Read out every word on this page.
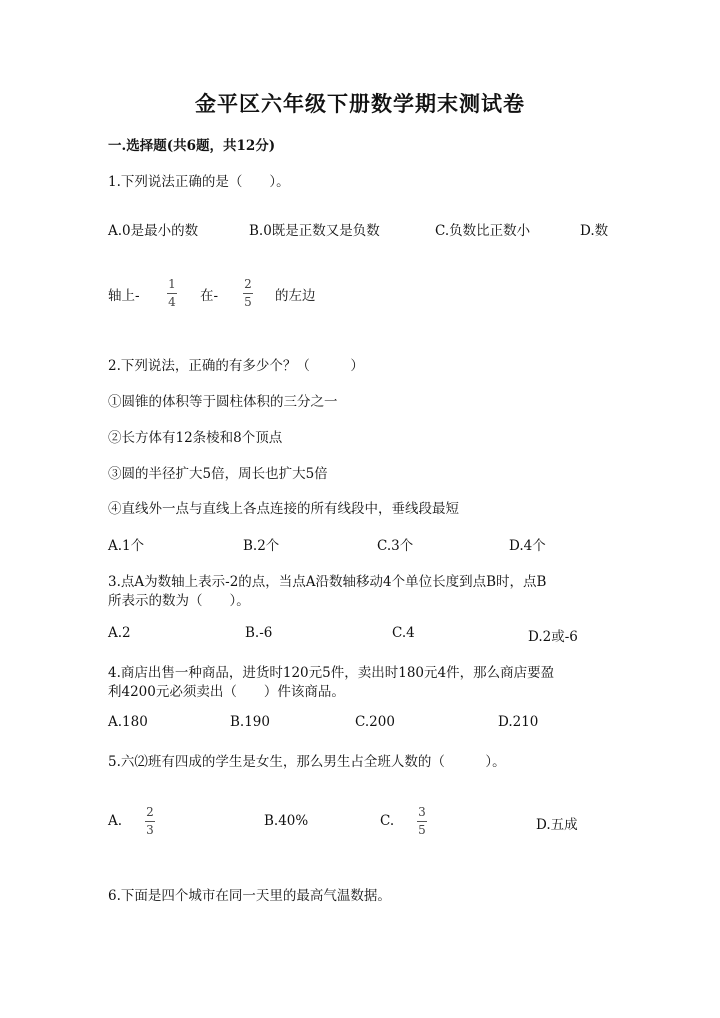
金平区六年级下册数学期末测试卷
一.选择题(共6题，共12分)
1.下列说法正确的是（　　）。
A.0是最小的数	B.0既是正数又是负数	C.负数比正数小	D.数
轴上-
1
4 在-
2
5 的左边
2.下列说法，正确的有多少个？（　　　）
①圆锥的体积等于圆柱体积的三分之一
②长方体有12条棱和8个顶点
③圆的半径扩大5倍，周长也扩大5倍
④直线外一点与直线上各点连接的所有线段中，垂线段最短
A.1个	B.2个	C.3个	D.4个
3.点A为数轴上表示-2的点，当点A沿数轴移动4个单位长度到点B时，点B
所表示的数为（　　）。
A.2	B.-6	C.4	D.2或-6
4.商店出售一种商品，进货时120元5件，卖出时180元4件，那么商店要盈
利4200元必须卖出（　　）件该商品。
A.180	B.190	C.200	D.210
5.六⑵班有四成的学生是女生，那么男生占全班人数的（　　　）。
A.
2
3
B.40%	C.
3
5	D.五成
6.下面是四个城市在同一天里的最高气温数据。
